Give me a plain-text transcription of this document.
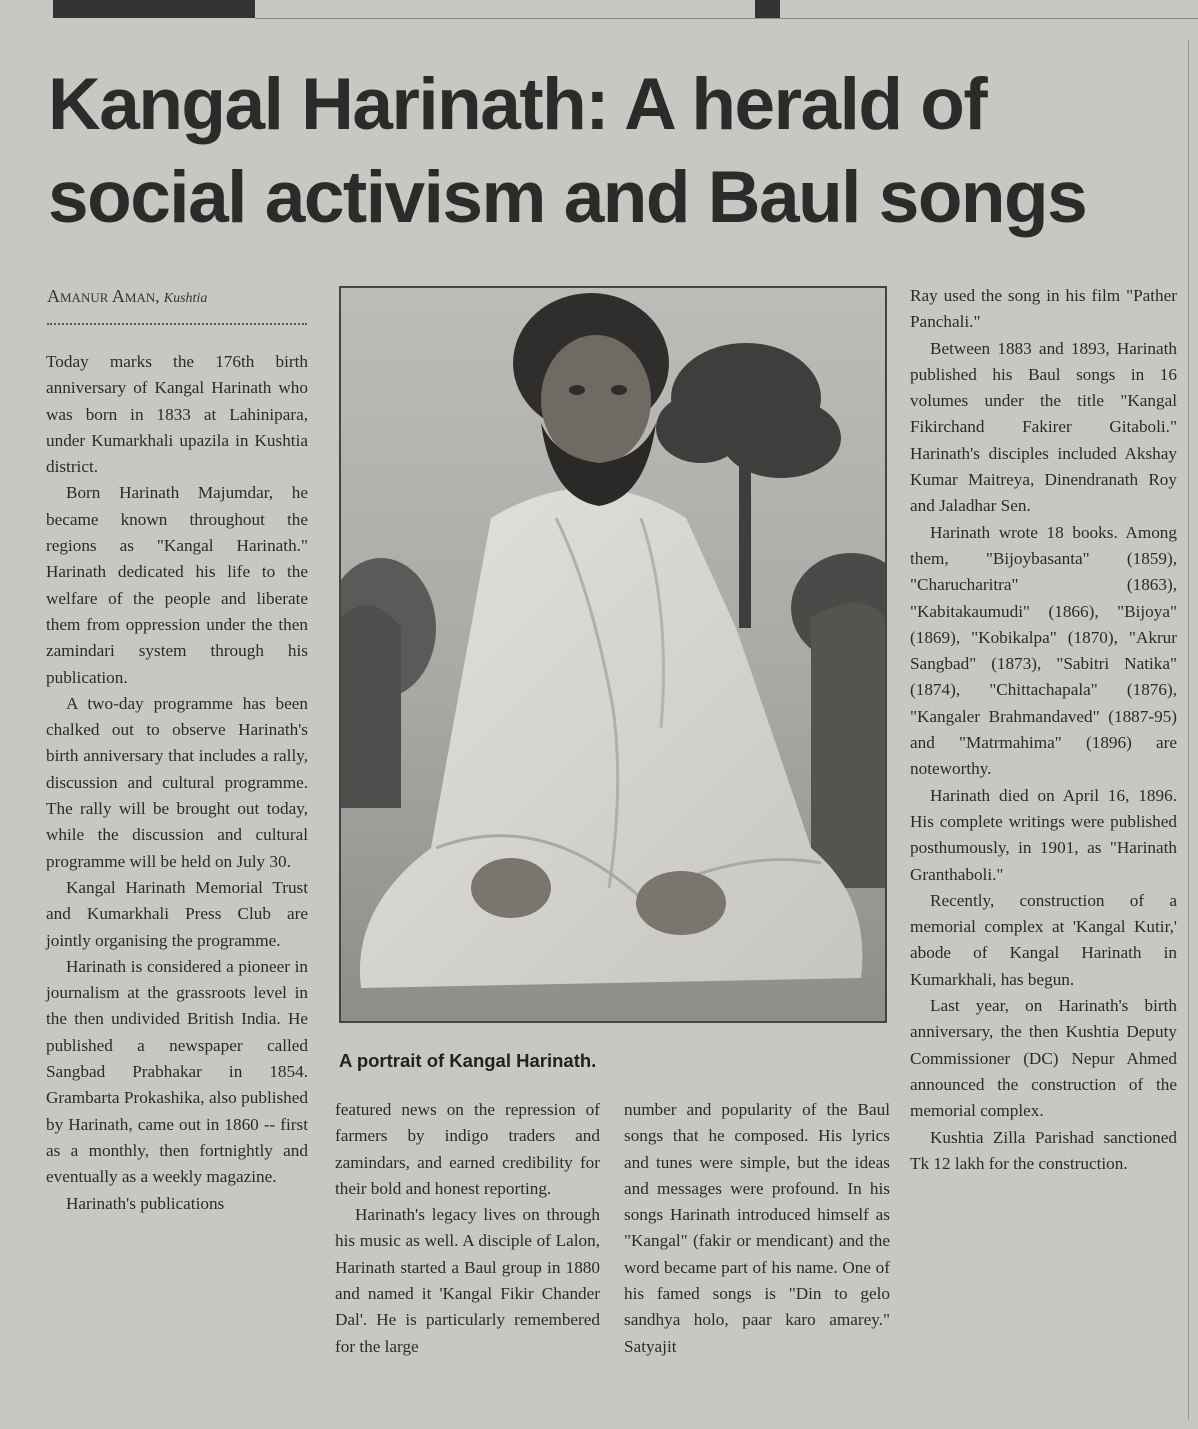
Kangal Harinath: A herald of social activism and Baul songs
Amanur Aman, Kushtia

Today marks the 176th birth anniversary of Kangal Harinath who was born in 1833 at Lahinipara, under Kumarkhali upazila in Kushtia district.

Born Harinath Majumdar, he became known throughout the regions as "Kangal Harinath." Harinath dedicated his life to the welfare of the people and liberate them from oppression under the then zamindari system through his publication.

A two-day programme has been chalked out to observe Harinath's birth anniversary that includes a rally, discussion and cultural programme. The rally will be brought out today, while the discussion and cultural programme will be held on July 30.

Kangal Harinath Memorial Trust and Kumarkhali Press Club are jointly organising the programme.

Harinath is considered a pioneer in journalism at the grassroots level in the then undivided British India. He published a newspaper called Sangbad Prabhakar in 1854. Grambarta Prokashika, also published by Harinath, came out in 1860 -- first as a monthly, then fortnightly and eventually as a weekly magazine.

Harinath's publications

A portrait of Kangal Harinath.

featured news on the repression of farmers by indigo traders and zamindars, and earned credibility for their bold and honest reporting.

Harinath's legacy lives on through his music as well. A disciple of Lalon, Harinath started a Baul group in 1880 and named it 'Kangal Fikir Chander Dal'. He is particularly remembered for the large

number and popularity of the Baul songs that he composed. His lyrics and tunes were simple, but the ideas and messages were profound. In his songs Harinath introduced himself as "Kangal" (fakir or mendicant) and the word became part of his name. One of his famed songs is "Din to gelo sandhya holo, paar karo amarey." Satyajit

Ray used the song in his film "Pather Panchali."

Between 1883 and 1893, Harinath published his Baul songs in 16 volumes under the title "Kangal Fikirchand Fakirer Gitaboli." Harinath's disciples included Akshay Kumar Maitreya, Dinendranath Roy and Jaladhar Sen.

Harinath wrote 18 books. Among them, "Bijoybasanta" (1859), "Charucharitra" (1863), "Kabitakaumudi" (1866), "Bijoya" (1869), "Kobikalpa" (1870), "Akrur Sangbad" (1873), "Sabitri Natika" (1874), "Chittachapala" (1876), "Kangaler Brahmandaved" (1887-95) and "Matrmahima" (1896) are noteworthy.

Harinath died on April 16, 1896. His complete writings were published posthumously, in 1901, as "Harinath Granthaboli."

Recently, construction of a memorial complex at 'Kangal Kutir,' abode of Kangal Harinath in Kumarkhali, has begun.

Last year, on Harinath's birth anniversary, the then Kushtia Deputy Commissioner (DC) Nepur Ahmed announced the construction of the memorial complex.

Kushtia Zilla Parishad sanctioned Tk 12 lakh for the construction.
